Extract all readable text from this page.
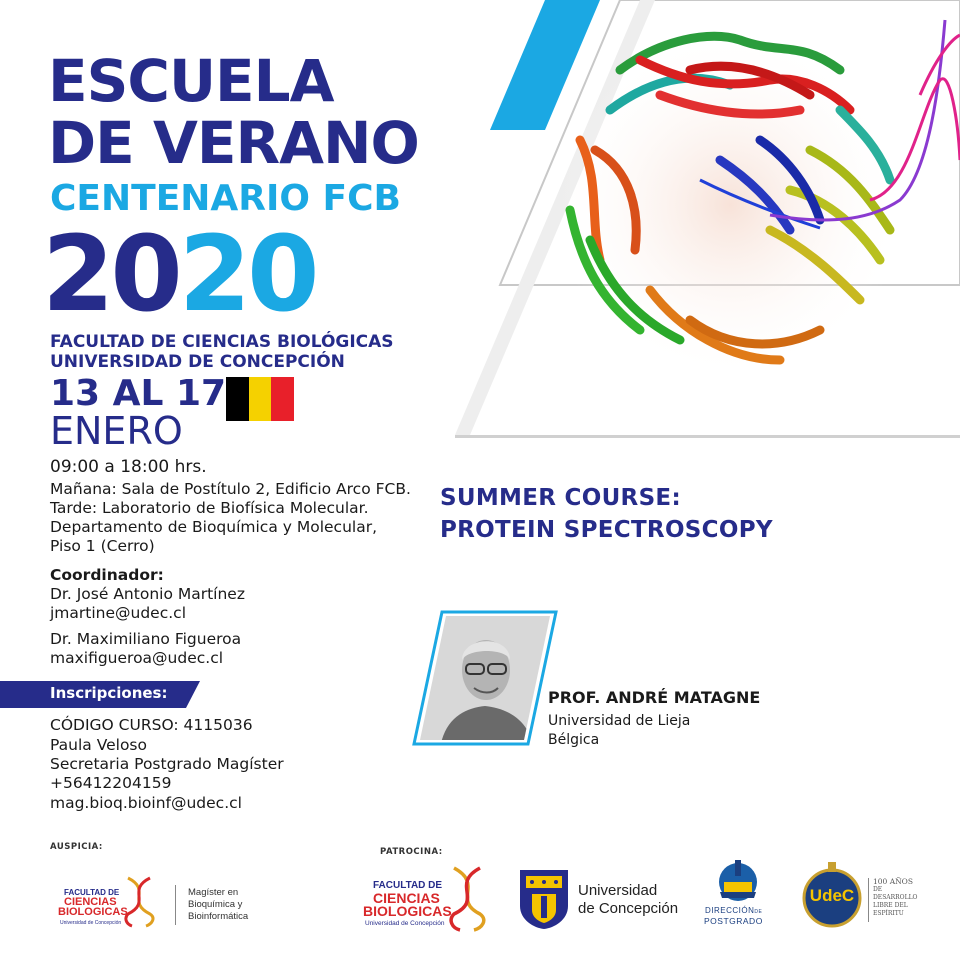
ESCUELA
DE VERANO
CENTENARIO FCB
2020
FACULTAD DE CIENCIAS BIOLÓGICAS
UNIVERSIDAD DE CONCEPCIÓN
13 AL 17
ENERO
09:00 a 18:00 hrs.
Mañana: Sala de Postítulo 2, Edificio Arco FCB.
Tarde: Laboratorio de Biofísica Molecular.
Departamento de Bioquímica y Molecular,
Piso 1 (Cerro)
Coordinador:
Dr. José Antonio Martínez
jmartine@udec.cl
Dr. Maximiliano Figueroa
maxifigueroa@udec.cl
Inscripciones:
CÓDIGO CURSO: 4115036
Paula Veloso
Secretaria Postgrado Magíster
+56412204159
mag.bioq.bioinf@udec.cl
SUMMER COURSE:
PROTEIN SPECTROSCOPY
PROF. ANDRÉ MATAGNE
Universidad de Lieja
Bélgica
AUSPICIA:	PATROCINA:
FACULTAD DE
CIENCIAS
BIOLOGICAS
Universidad de Concepción
Magíster en
Bioquímica y
Bioinformática
FACULTAD DE
CIENCIAS
BIOLOGICAS
Universidad de Concepción
Universidad
de Concepción	DIRECCIÓNDE
POSTGRADO
UdeC
100 AÑOS
DE
DESARROLLO
LIBRE DEL
ESPÍRITU
